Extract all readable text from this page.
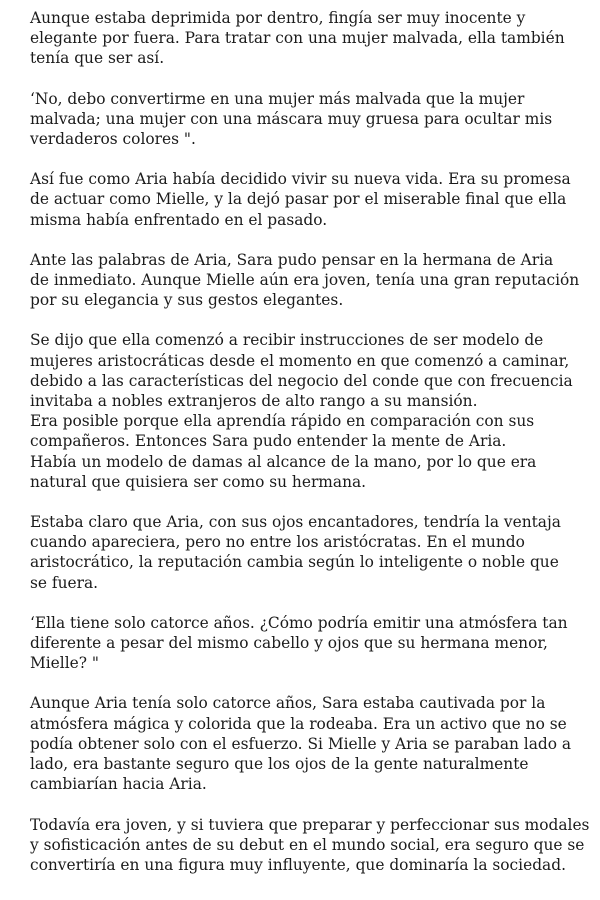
Aunque estaba deprimida por dentro, fingía ser muy inocente y
elegante por fuera. Para tratar con una mujer malvada, ella también
tenía que ser así.

‘No, debo convertirme en una mujer más malvada que la mujer
malvada; una mujer con una máscara muy gruesa para ocultar mis
verdaderos colores ".

Así fue como Aria había decidido vivir su nueva vida. Era su promesa
de actuar como Mielle, y la dejó pasar por el miserable final que ella
misma había enfrentado en el pasado.

Ante las palabras de Aria, Sara pudo pensar en la hermana de Aria
de inmediato. Aunque Mielle aún era joven, tenía una gran reputación
por su elegancia y sus gestos elegantes.

Se dijo que ella comenzó a recibir instrucciones de ser modelo de
mujeres aristocráticas desde el momento en que comenzó a caminar,
debido a las características del negocio del conde que con frecuencia
invitaba a nobles extranjeros de alto rango a su mansión.
Era posible porque ella aprendía rápido en comparación con sus
compañeros. Entonces Sara pudo entender la mente de Aria.
Había un modelo de damas al alcance de la mano, por lo que era
natural que quisiera ser como su hermana.

Estaba claro que Aria, con sus ojos encantadores, tendría la ventaja
cuando apareciera, pero no entre los aristócratas. En el mundo
aristocrático, la reputación cambia según lo inteligente o noble que
se fuera.

‘Ella tiene solo catorce años. ¿Cómo podría emitir una atmósfera tan
diferente a pesar del mismo cabello y ojos que su hermana menor,
Mielle? "

Aunque Aria tenía solo catorce años, Sara estaba cautivada por la
atmósfera mágica y colorida que la rodeaba. Era un activo que no se
podía obtener solo con el esfuerzo. Si Mielle y Aria se paraban lado a
lado, era bastante seguro que los ojos de la gente naturalmente
cambiarían hacia Aria.

Todavía era joven, y si tuviera que preparar y perfeccionar sus modales
y sofisticación antes de su debut en el mundo social, era seguro que se
convertiría en una figura muy influyente, que dominaría la sociedad.
